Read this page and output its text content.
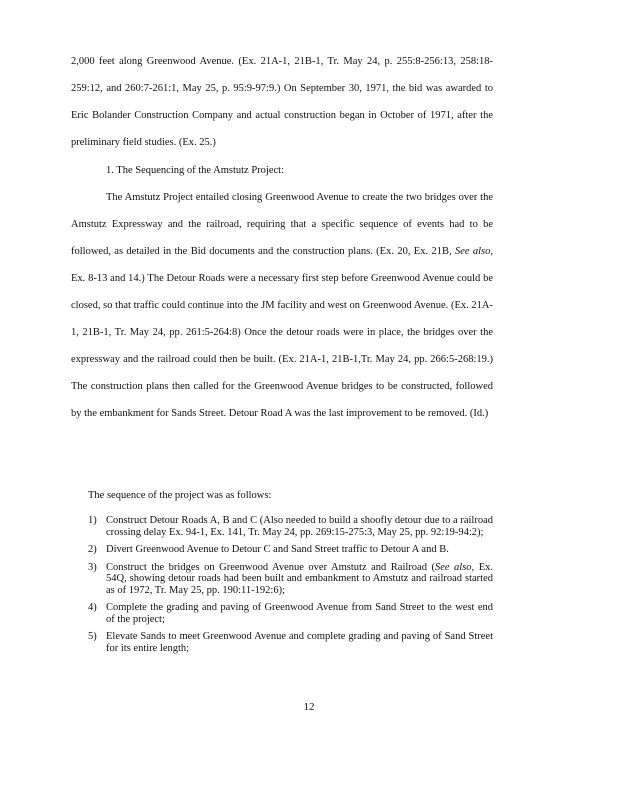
2,000 feet along Greenwood Avenue. (Ex. 21A-1, 21B-1, Tr. May 24, p. 255:8-256:13, 258:18-259:12, and 260:7-261:1, May 25, p. 95:9-97:9.) On September 30, 1971, the bid was awarded to Eric Bolander Construction Company and actual construction began in October of 1971, after the preliminary field studies. (Ex. 25.)

1. The Sequencing of the Amstutz Project:

The Amstutz Project entailed closing Greenwood Avenue to create the two bridges over the Amstutz Expressway and the railroad, requiring that a specific sequence of events had to be followed, as detailed in the Bid documents and the construction plans. (Ex. 20, Ex. 21B, See also, Ex. 8-13 and 14.) The Detour Roads were a necessary first step before Greenwood Avenue could be closed, so that traffic could continue into the JM facility and west on Greenwood Avenue. (Ex. 21A-1, 21B-1, Tr. May 24, pp. 261:5-264:8) Once the detour roads were in place, the bridges over the expressway and the railroad could then be built. (Ex. 21A-1, 21B-1,Tr. May 24, pp. 266:5-268:19.) The construction plans then called for the Greenwood Avenue bridges to be constructed, followed by the embankment for Sands Street. Detour Road A was the last improvement to be removed. (Id.)

The sequence of the project was as follows:
1) Construct Detour Roads A, B and C (Also needed to build a shoofly detour due to a railroad crossing delay Ex. 94-1, Ex. 141, Tr. May 24, pp. 269:15-275:3, May 25, pp. 92:19-94:2);
2) Divert Greenwood Avenue to Detour C and Sand Street traffic to Detour A and B.
3) Construct the bridges on Greenwood Avenue over Amstutz and Railroad (See also, Ex. 54Q, showing detour roads had been built and embankment to Amstutz and railroad started as of 1972, Tr. May 25, pp. 190:11-192:6);
4) Complete the grading and paving of Greenwood Avenue from Sand Street to the west end of the project;
5) Elevate Sands to meet Greenwood Avenue and complete grading and paving of Sand Street for its entire length;
12
